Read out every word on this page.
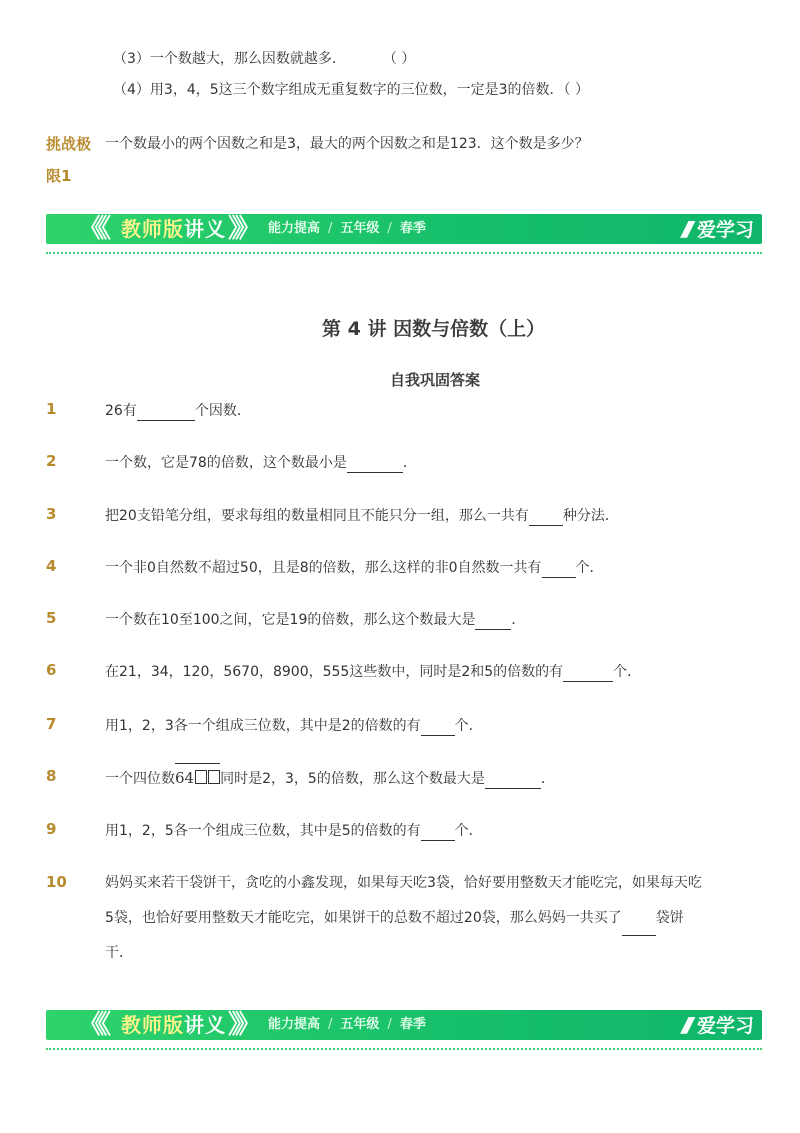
（3）一个数越大，那么因数就越多．	（ ）
（4）用3，4，5这三个数字组成无重复数字的三位数，一定是3的倍数．（ ）
挑战极
限1
一个数最小的两个因数之和是3，最大的两个因数之和是123．这个数是多少？
《《 教师版讲义 》》 能力提高 / 五年级 / 春季	/// 爱学习
第 4 讲 因数与倍数（上）
自我巩固答案
1	26有	个因数．
2	一个数，它是78的倍数，这个数最小是	．
3	把20支铅笔分组，要求每组的数量相同且不能只分一组，那么一共有 种分法．
4	一个非0自然数不超过50，且是8的倍数，那么这样的非0自然数一共有 个．
5	一个数在10至100之间，它是19的倍数，那么这个数最大是	．
6	在21，34，120，5670，8900，555这些数中，同时是2和5的倍数的有	个．
7	用1，2，3各一个组成三位数，其中是2的倍数的有 个．
8	一个四位数
64 同时是2，3，5的倍数，那么这个数最大是	．
9	用1，2，5各一个组成三位数，其中是5的倍数的有 个．
10	妈妈买来若干袋饼干，贪吃的小鑫发现，如果每天吃3袋，恰好要用整数天才能吃完，如果每天吃
5袋，也恰好要用整数天才能吃完，如果饼干的总数不超过20袋，那么妈妈一共买了 袋饼
干．
《《 教师版讲义 》》 能力提高 / 五年级 / 春季	/// 爱学习
